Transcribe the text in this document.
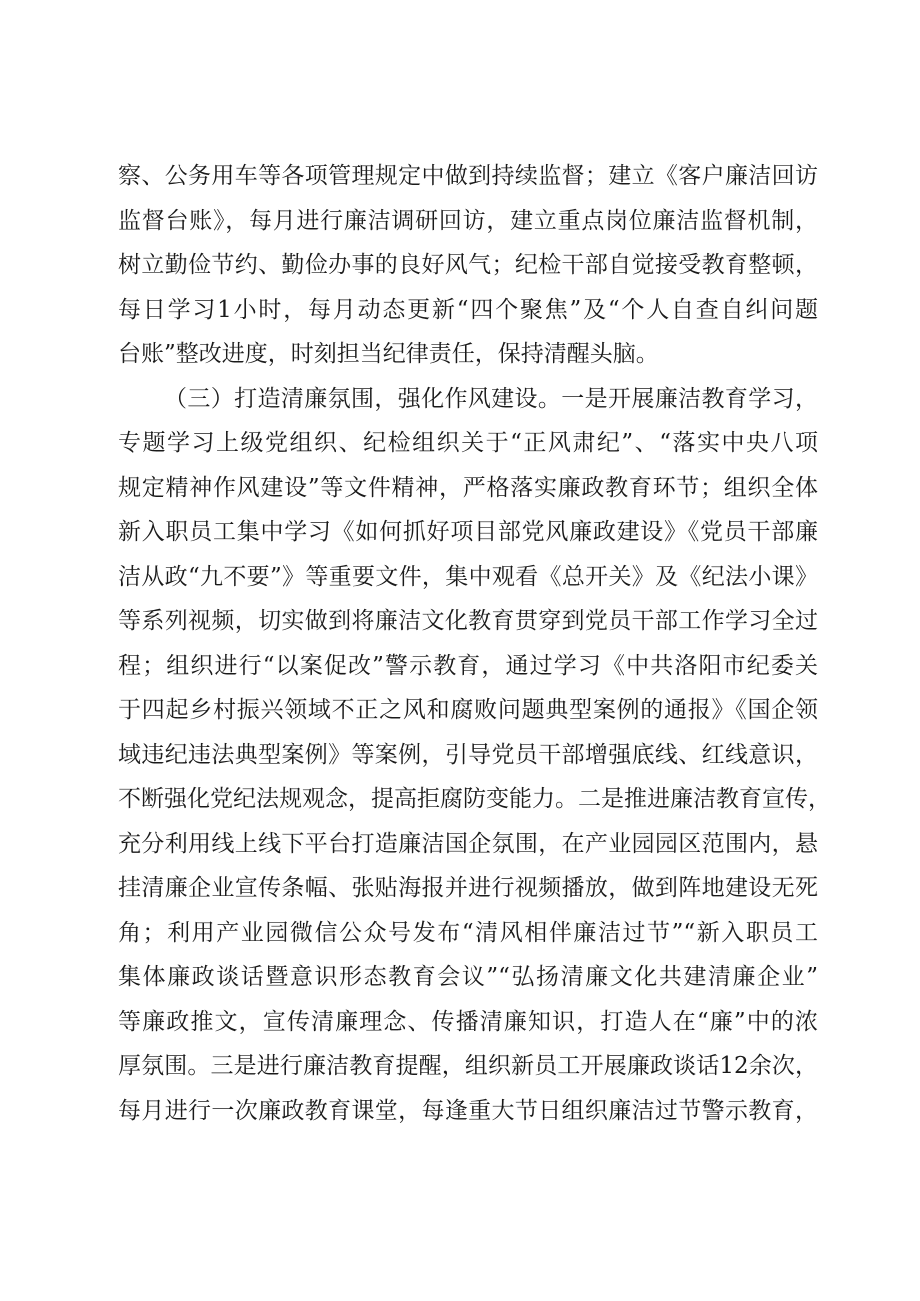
察、公务用车等各项管理规定中做到持续监督；建立《客户廉洁回访
监督台账》，每月进行廉洁调研回访，建立重点岗位廉洁监督机制，
树立勤俭节约、勤俭办事的良好风气；纪检干部自觉接受教育整顿，
每日学习1小时，每月动态更新“四个聚焦”及“个人自查自纠问题
台账”整改进度，时刻担当纪律责任，保持清醒头脑。
（三）打造清廉氛围，强化作风建设。一是开展廉洁教育学习，
专题学习上级党组织、纪检组织关于“正风肃纪”、“落实中央八项
规定精神作风建设”等文件精神，严格落实廉政教育环节；组织全体
新入职员工集中学习《如何抓好项目部党风廉政建设》《党员干部廉
洁从政“九不要”》等重要文件，集中观看《总开关》及《纪法小课》
等系列视频，切实做到将廉洁文化教育贯穿到党员干部工作学习全过
程；组织进行“以案促改”警示教育，通过学习《中共洛阳市纪委关
于四起乡村振兴领域不正之风和腐败问题典型案例的通报》《国企领
域违纪违法典型案例》等案例，引导党员干部增强底线、红线意识，
不断强化党纪法规观念，提高拒腐防变能力。二是推进廉洁教育宣传，
充分利用线上线下平台打造廉洁国企氛围，在产业园园区范围内，悬
挂清廉企业宣传条幅、张贴海报并进行视频播放，做到阵地建设无死
角；利用产业园微信公众号发布“清风相伴廉洁过节”“新入职员工
集体廉政谈话暨意识形态教育会议”“弘扬清廉文化共建清廉企业”
等廉政推文，宣传清廉理念、传播清廉知识，打造人在“廉”中的浓
厚氛围。三是进行廉洁教育提醒，组织新员工开展廉政谈话12余次，
每月进行一次廉政教育课堂，每逢重大节日组织廉洁过节警示教育，
